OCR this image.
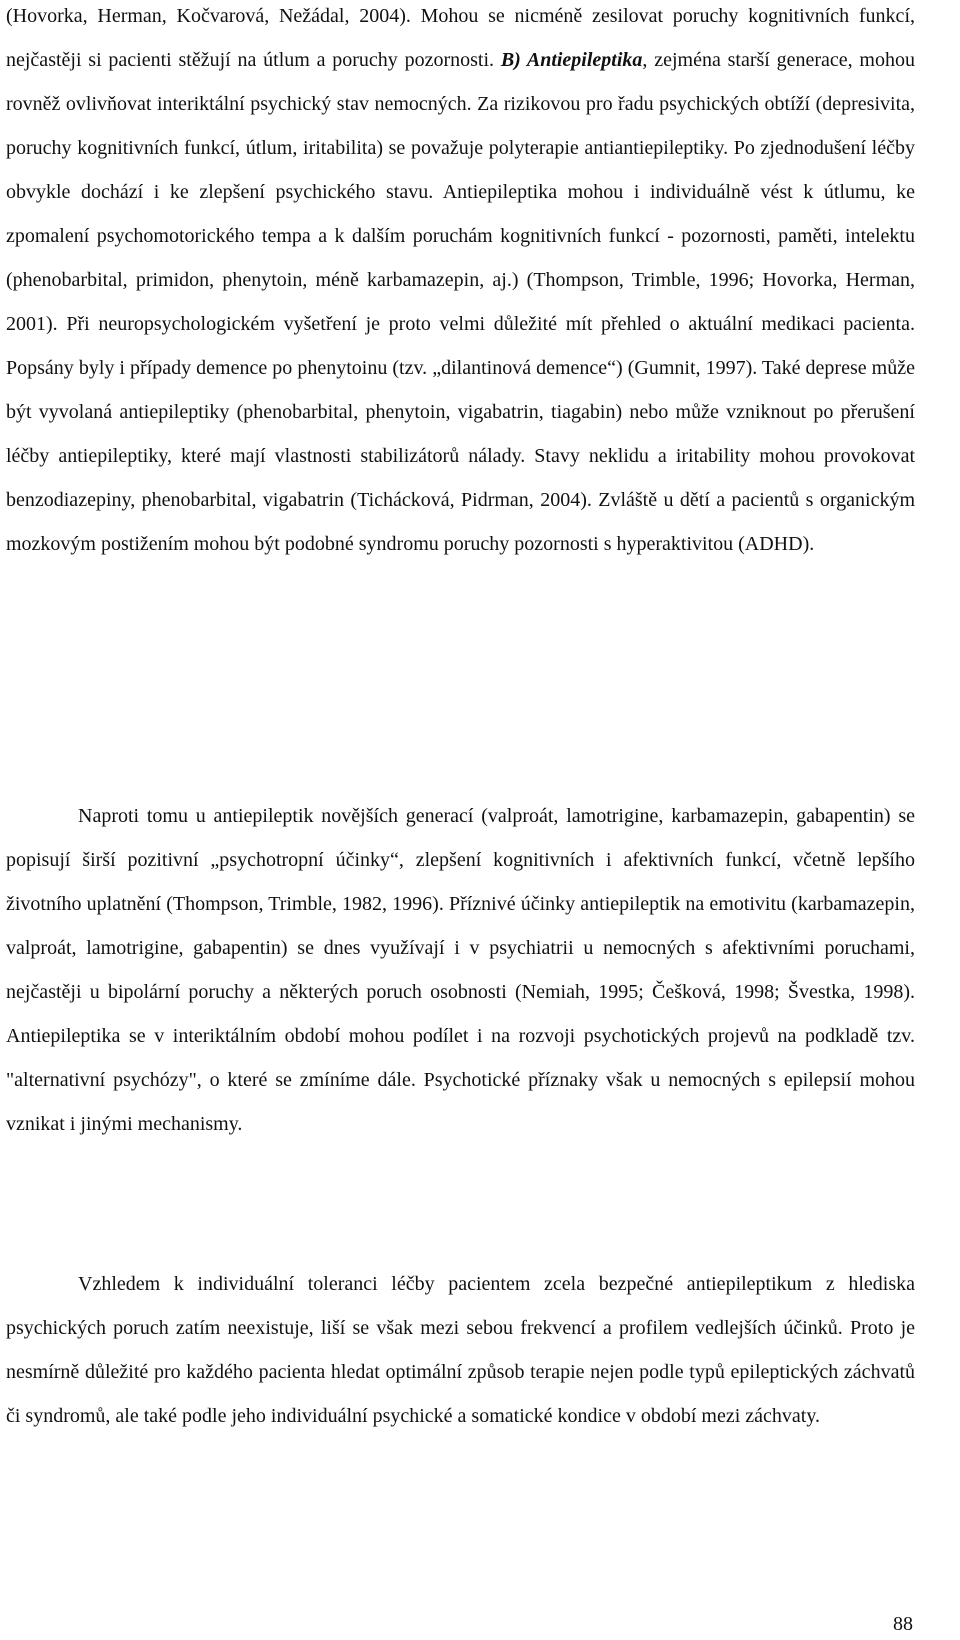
(Hovorka, Herman, Kočvarová, Nežádal, 2004). Mohou se nicméně zesilovat poruchy kognitivních funkcí, nejčastěji si pacienti stěžují na útlum a poruchy pozornosti. B) Antiepileptika, zejména starší generace, mohou rovněž ovlivňovat interiktální psychický stav nemocných. Za rizikovou pro řadu psychických obtíží (depresivita, poruchy kognitivních funkcí, útlum, iritabilita) se považuje polyterapie antiantiepileptiky. Po zjednodušení léčby obvykle dochází i ke zlepšení psychického stavu. Antiepileptika mohou i individuálně vést k útlumu, ke zpomalení psychomotorického tempa a k dalším poruchám kognitivních funkcí - pozornosti, paměti, intelektu (phenobarbital, primidon, phenytoin, méně karbamazepin, aj.) (Thompson, Trimble, 1996; Hovorka, Herman, 2001). Při neuropsychologickém vyšetření je proto velmi důležité mít přehled o aktuální medikaci pacienta. Popsány byly i případy demence po phenytoinu (tzv. „dilantinová demence“) (Gumnit, 1997). Také deprese může být vyvolaná antiepileptiky (phenobarbital, phenytoin, vigabatrin, tiagabin) nebo může vzniknout po přerušení léčby antiepileptiky, které mají vlastnosti stabilizátorů nálady. Stavy neklidu a iritability mohou provokovat benzodiazepiny, phenobarbital, vigabatrin (Tichácková, Pidrman, 2004). Zvláště u dětí a pacientů s organickým mozkovým postižením mohou být podobné syndromu poruchy pozornosti s hyperaktivitou (ADHD).

Naproti tomu u antiepileptik novějších generací (valproát, lamotrigine, karbamazepin, gabapentin) se popisují širší pozitivní „psychotropní účinky“, zlepšení kognitivních i afektivních funkcí, včetně lepšího životního uplatnění (Thompson, Trimble, 1982, 1996). Příznivé účinky antiepileptik na emotivitu (karbamazepin, valproát, lamotrigine, gabapentin) se dnes využívají i v psychiatrii u nemocných s afektivními poruchami, nejčastěji u bipolární poruchy a některých poruch osobnosti (Nemiah, 1995; Češková, 1998; Švestka, 1998). Antiepileptika se v interiktálním období mohou podílet i na rozvoji psychotických projevů na podkladě tzv. "alternativní psychózy", o které se zmíníme dále. Psychotické příznaky však u nemocných s epilepsií mohou vznikat i jinými mechanismy.

Vzhledem k individuální toleranci léčby pacientem zcela bezpečné antiepileptikum z hlediska psychických poruch zatím neexistuje, liší se však mezi sebou frekvencí a profilem vedlejších účinků. Proto je nesmírně důležité pro každého pacienta hledat optimální způsob terapie nejen podle typů epileptických záchvatů či syndromů, ale také podle jeho individuální psychické a somatické kondice v období mezi záchvaty.

88
